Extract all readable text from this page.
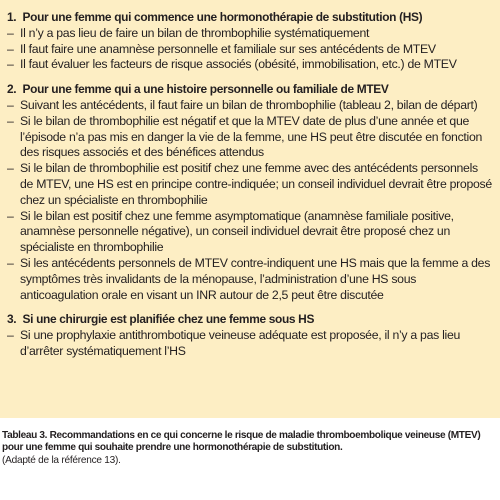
1. Pour une femme qui commence une hormonothérapie de substitution (HS)
– Il n’y a pas lieu de faire un bilan de thrombophilie systématiquement
– Il faut faire une anamnèse personnelle et familiale sur ses antécédents de MTEV
– Il faut évaluer les facteurs de risque associés (obésité, immobilisation, etc.) de MTEV
2. Pour une femme qui a une histoire personnelle ou familiale de MTEV
– Suivant les antécédents, il faut faire un bilan de thrombophilie (tableau 2, bilan de départ)
– Si le bilan de thrombophilie est négatif et que la MTEV date de plus d’une année et que l’épisode n’a pas mis en danger la vie de la femme, une HS peut être discutée en fonction des risques associés et des bénéfices attendus
– Si le bilan de thrombophilie est positif chez une femme avec des antécédents personnels de MTEV, une HS est en principe contre-indiquée; un conseil individuel devrait être proposé chez un spécialiste en thrombophilie
– Si le bilan est positif chez une femme asymptomatique (anamnèse familiale positive, anamnèse personnelle négative), un conseil individuel devrait être proposé chez un spécialiste en thrombophilie
– Si les antécédents personnels de MTEV contre-indiquent une HS mais que la femme a des symptômes très invalidants de la ménopause, l’administration d’une HS sous anticoagulation orale en visant un INR autour de 2,5 peut être discutée
3. Si une chirurgie est planifiée chez une femme sous HS
– Si une prophylaxie antithrombotique veineuse adéquate est proposée, il n’y a pas lieu d’arrêter systématiquement l’HS
Tableau 3. Recommandations en ce qui concerne le risque de maladie thromboembolique veineuse (MTEV) pour une femme qui souhaite prendre une hormonothérapie de substitution.
(Adapté de la référence 13).
